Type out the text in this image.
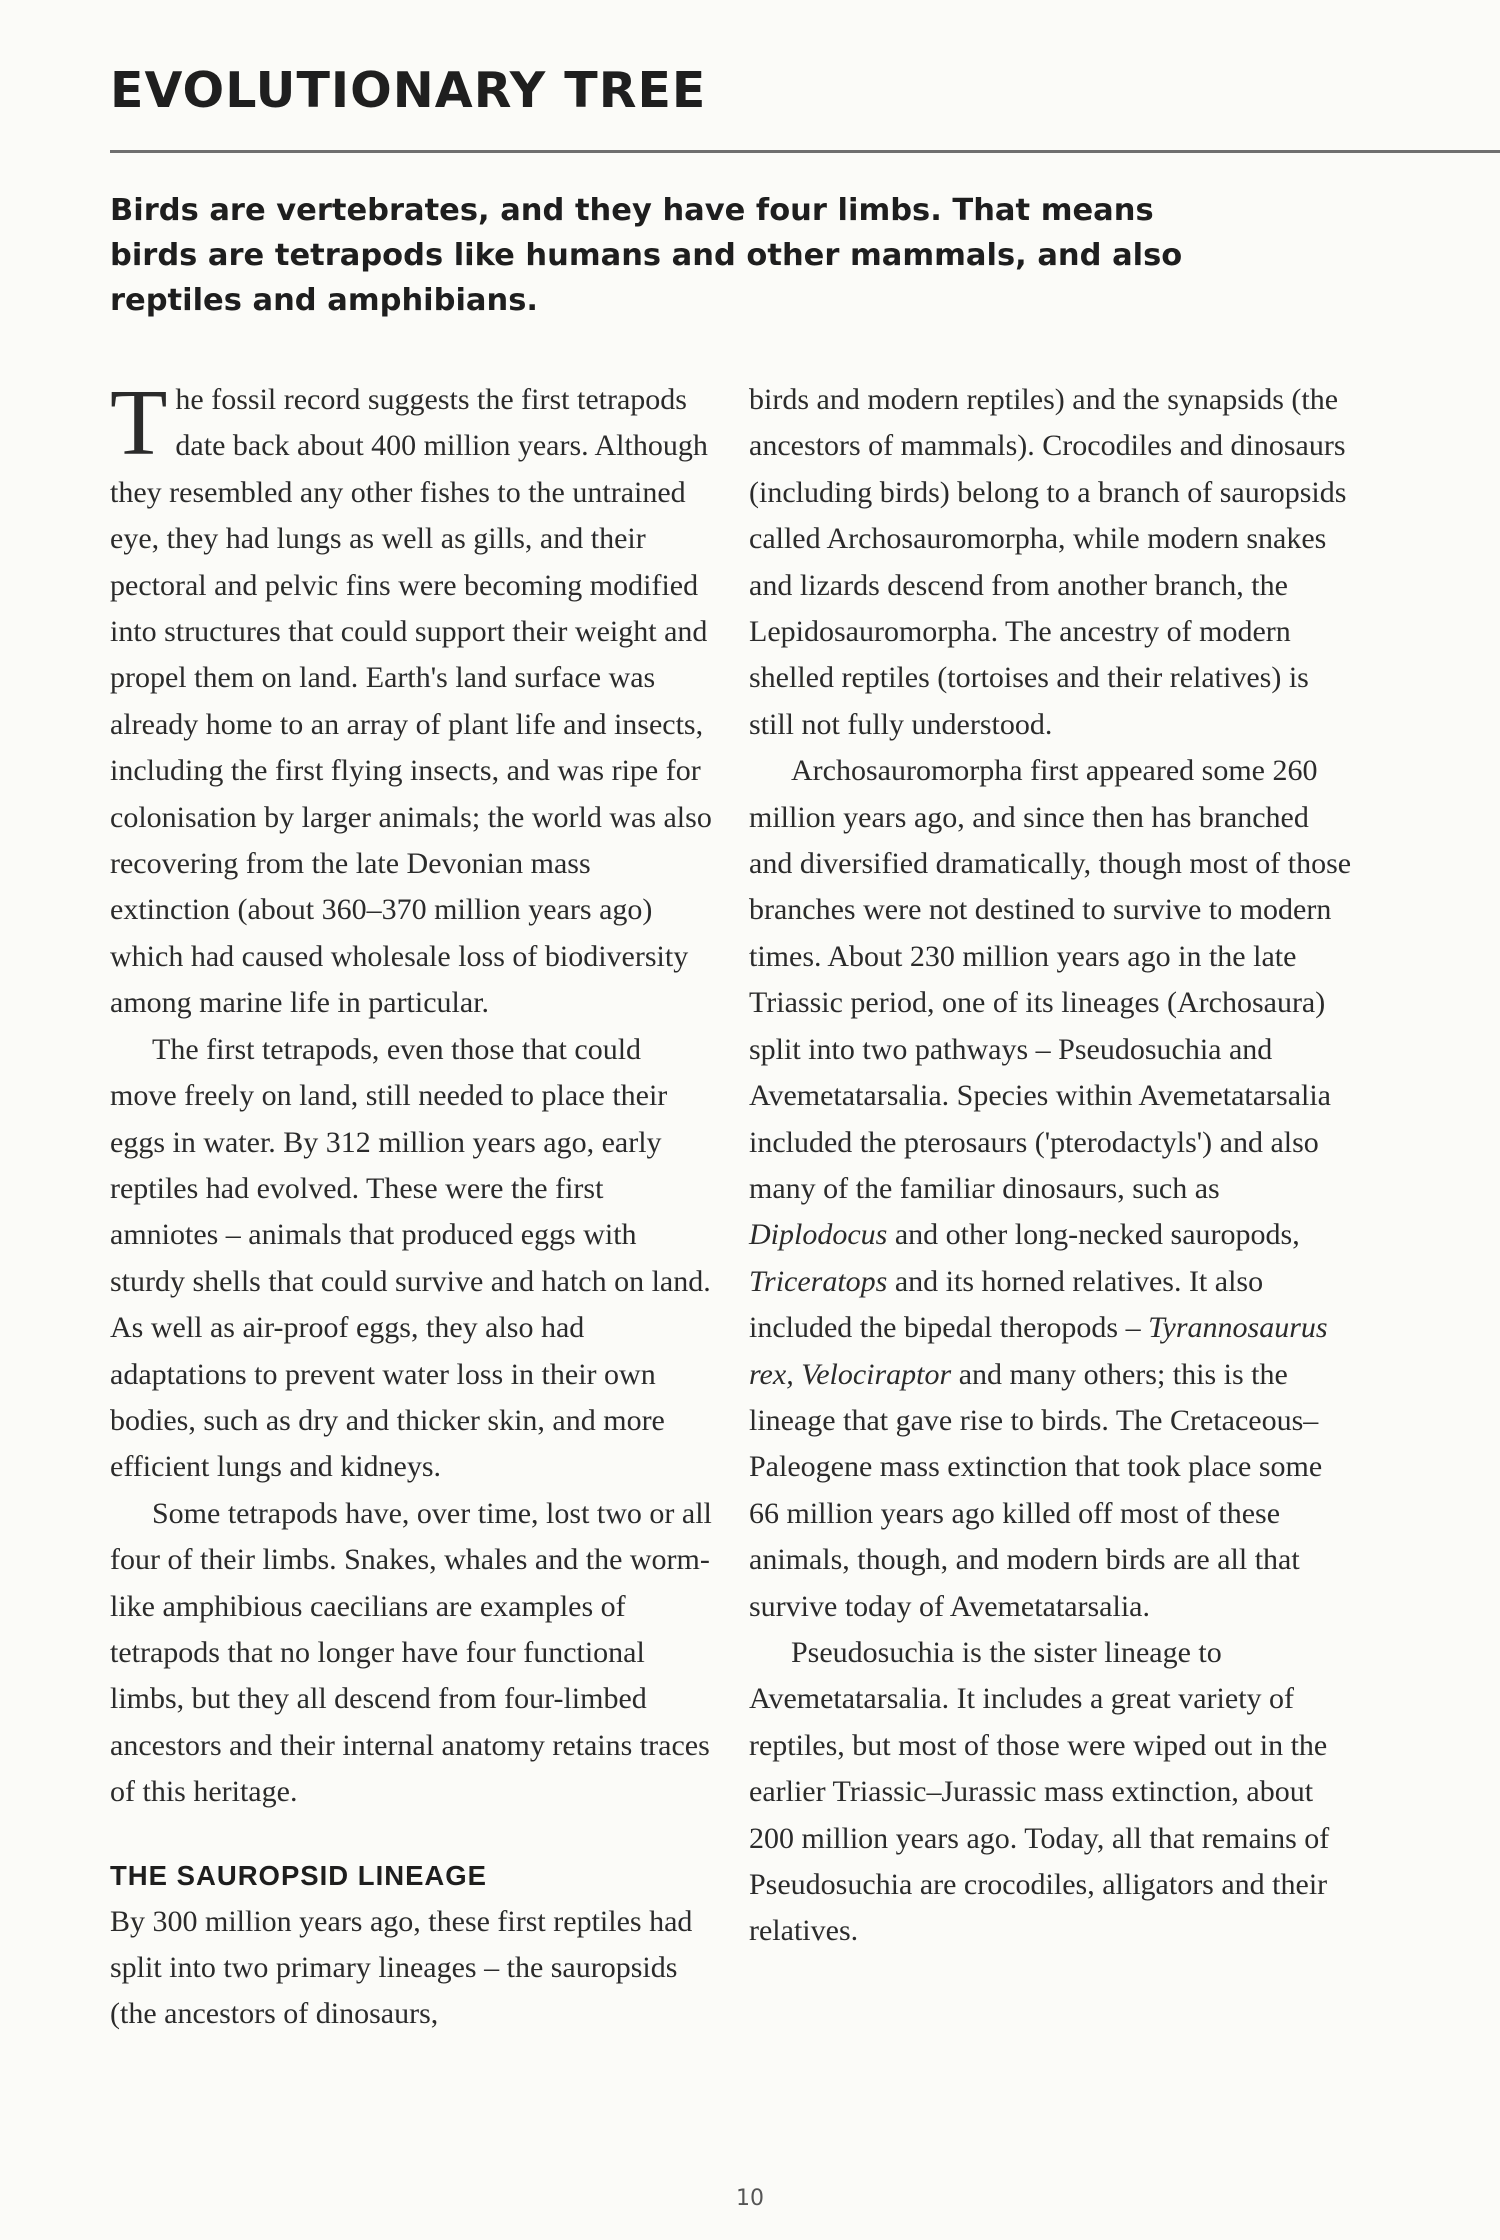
EVOLUTIONARY TREE

Birds are vertebrates, and they have four limbs. That means birds are tetrapods like humans and other mammals, and also reptiles and amphibians.

The fossil record suggests the first tetrapods date back about 400 million years. Although they resembled any other fishes to the untrained eye, they had lungs as well as gills, and their pectoral and pelvic fins were becoming modified into structures that could support their weight and propel them on land. Earth's land surface was already home to an array of plant life and insects, including the first flying insects, and was ripe for colonisation by larger animals; the world was also recovering from the late Devonian mass extinction (about 360–370 million years ago) which had caused wholesale loss of biodiversity among marine life in particular.

The first tetrapods, even those that could move freely on land, still needed to place their eggs in water. By 312 million years ago, early reptiles had evolved. These were the first amniotes – animals that produced eggs with sturdy shells that could survive and hatch on land. As well as air-proof eggs, they also had adaptations to prevent water loss in their own bodies, such as dry and thicker skin, and more efficient lungs and kidneys.

Some tetrapods have, over time, lost two or all four of their limbs. Snakes, whales and the worm-like amphibious caecilians are examples of tetrapods that no longer have four functional limbs, but they all descend from four-limbed ancestors and their internal anatomy retains traces of this heritage.

THE SAUROPSID LINEAGE

By 300 million years ago, these first reptiles had split into two primary lineages – the sauropsids (the ancestors of dinosaurs,

birds and modern reptiles) and the synapsids (the ancestors of mammals). Crocodiles and dinosaurs (including birds) belong to a branch of sauropsids called Archosauromorpha, while modern snakes and lizards descend from another branch, the Lepidosauromorpha. The ancestry of modern shelled reptiles (tortoises and their relatives) is still not fully understood.

Archosauromorpha first appeared some 260 million years ago, and since then has branched and diversified dramatically, though most of those branches were not destined to survive to modern times. About 230 million years ago in the late Triassic period, one of its lineages (Archosaura) split into two pathways – Pseudosuchia and Avemetatarsalia. Species within Avemetatarsalia included the pterosaurs ('pterodactyls') and also many of the familiar dinosaurs, such as Diplodocus and other long-necked sauropods, Triceratops and its horned relatives. It also included the bipedal theropods – Tyrannosaurus rex, Velociraptor and many others; this is the lineage that gave rise to birds. The Cretaceous–Paleogene mass extinction that took place some 66 million years ago killed off most of these animals, though, and modern birds are all that survive today of Avemetatarsalia.

Pseudosuchia is the sister lineage to Avemetatarsalia. It includes a great variety of reptiles, but most of those were wiped out in the earlier Triassic–Jurassic mass extinction, about 200 million years ago. Today, all that remains of Pseudosuchia are crocodiles, alligators and their relatives.

10
